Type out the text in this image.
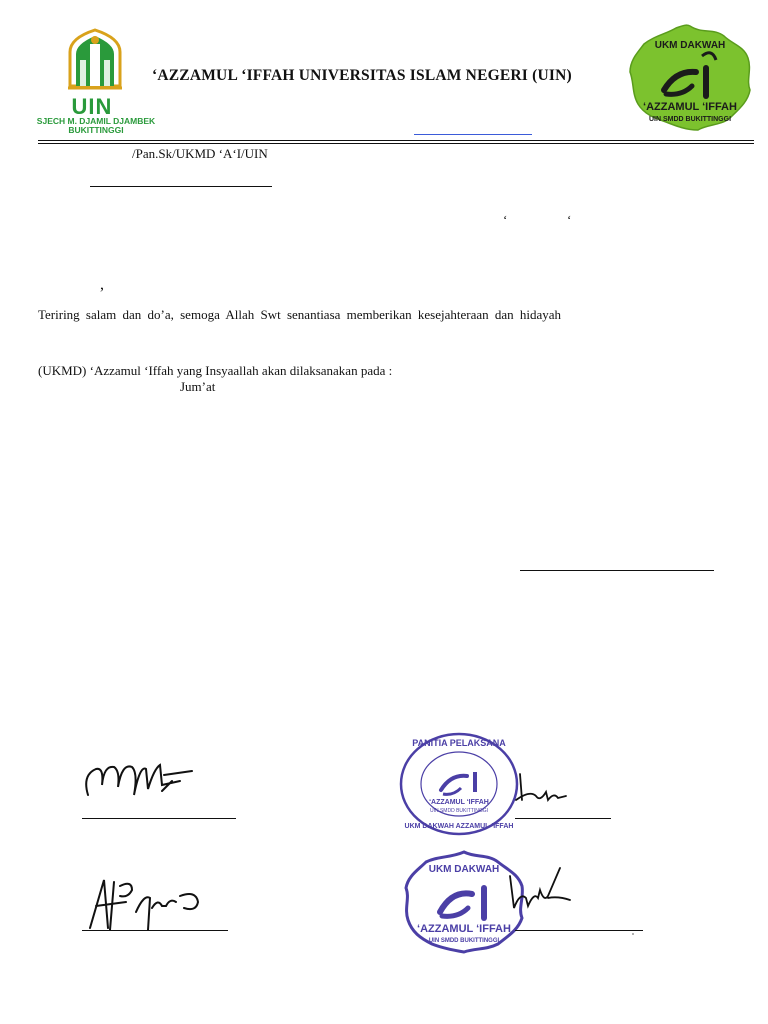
UIN
SJECH M. DJAMIL DJAMBEK
BUKITTINGGI
‘AZZAMUL ‘IFFAH UNIVERSITAS ISLAM NEGERI (UIN)
UKM DAKWAH
‘AZZAMUL ‘IFFAH
UIN SMDD BUKITTINGGI
/Pan.Sk/UKMD ‘A‘I/UIN
‘	‘
,
Teriring salam dan do’a, semoga Allah Swt senantiasa memberikan kesejahteraan dan hidayah
(UKMD) ‘Azzamul ‘Iffah yang Insyaallah akan dilaksanakan pada :
Jum’at
PANITIA PELAKSANA
‘AZZAMUL ‘IFFAH
UIN SMDD BUKITTINGGI
UKM DAKWAH AZZAMUL ‘IFFAH
UKM DAKWAH
‘AZZAMUL ‘IFFAH
UIN SMDD BUKITTINGGI
